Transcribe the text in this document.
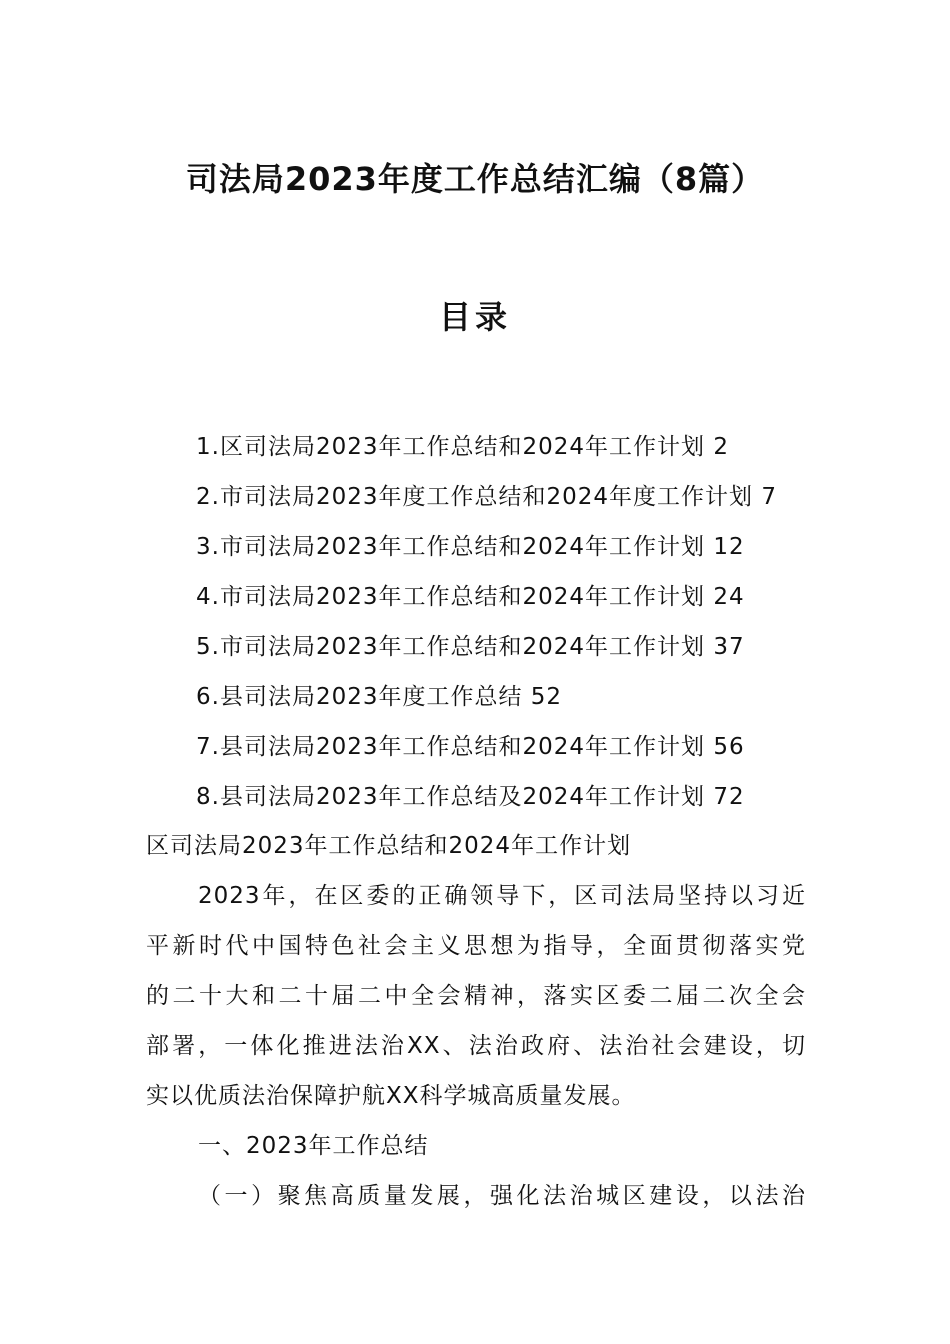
司法局2023年度工作总结汇编（8篇）
目录
1.区司法局2023年工作总结和2024年工作计划 2
2.市司法局2023年度工作总结和2024年度工作计划 7
3.市司法局2023年工作总结和2024年工作计划 12
4.市司法局2023年工作总结和2024年工作计划 24
5.市司法局2023年工作总结和2024年工作计划 37
6.县司法局2023年度工作总结 52
7.县司法局2023年工作总结和2024年工作计划 56
8.县司法局2023年工作总结及2024年工作计划 72
区司法局2023年工作总结和2024年工作计划
2023年，在区委的正确领导下，区司法局坚持以习近
平新时代中国特色社会主义思想为指导，全面贯彻落实党
的二十大和二十届二中全会精神，落实区委二届二次全会
部署，一体化推进法治XX、法治政府、法治社会建设，切
实以优质法治保障护航XX科学城高质量发展。
一、2023年工作总结
（一）聚焦高质量发展，强化法治城区建设，以法治
